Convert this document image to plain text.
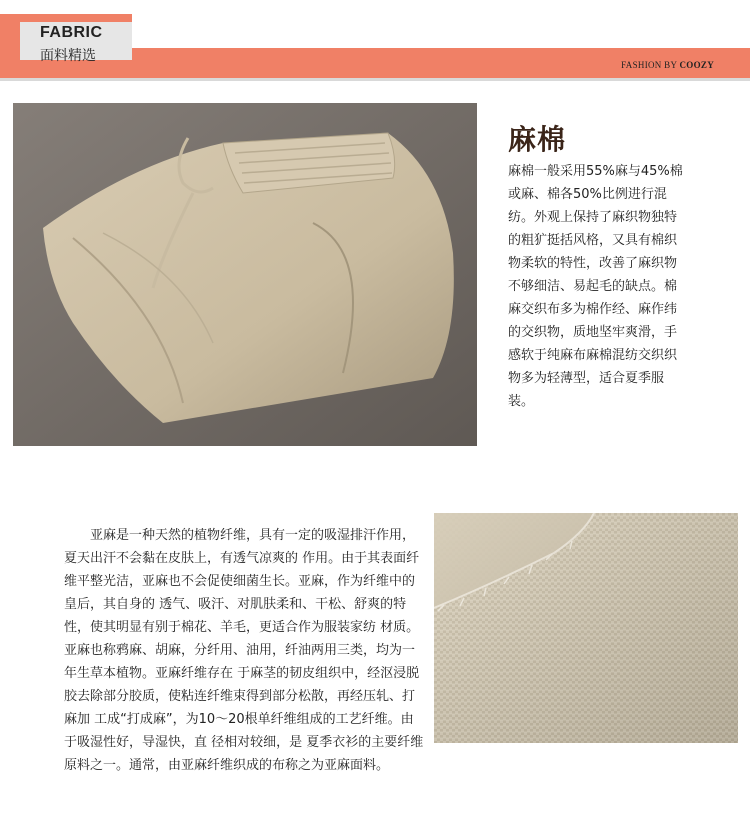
FABRIC
面料精选
FASHION BY COOZY
麻棉
麻棉一般采用55%麻与45%棉或麻、棉各50%比例进行混纺。外观上保持了麻织物独特的粗犷挺括风格，又具有棉织物柔软的特性，改善了麻织物不够细洁、易起毛的缺点。棉麻交织布多为棉作经、麻作纬的交织物，质地坚牢爽滑，手感软于纯麻布麻棉混纺交织织物多为轻薄型，适合夏季服装。

亚麻是一种天然的植物纤维，具有一定的吸湿排汗作用，夏天出汗不会黏在皮肤上，有透气凉爽的 作用。由于其表面纤维平整光洁，亚麻也不会促使细菌生长。亚麻，作为纤维中的皇后，其自身的 透气、吸汗、对肌肤柔和、干松、舒爽的特性，使其明显有别于棉花、羊毛，更适合作为服装家纺 材质。亚麻也称鸦麻、胡麻，分纤用、油用，纤油两用三类，均为一年生草本植物。亚麻纤维存在 于麻茎的韧皮组织中，经沤浸脱胶去除部分胶质，使粘连纤维束得到部分松散，再经压轧、打麻加 工成“打成麻”，为10～20根单纤维组成的工艺纤维。由于吸湿性好，导湿快，直 径相对较细，是 夏季衣衫的主要纤维原料之一。通常，由亚麻纤维织成的布称之为亚麻面料。
